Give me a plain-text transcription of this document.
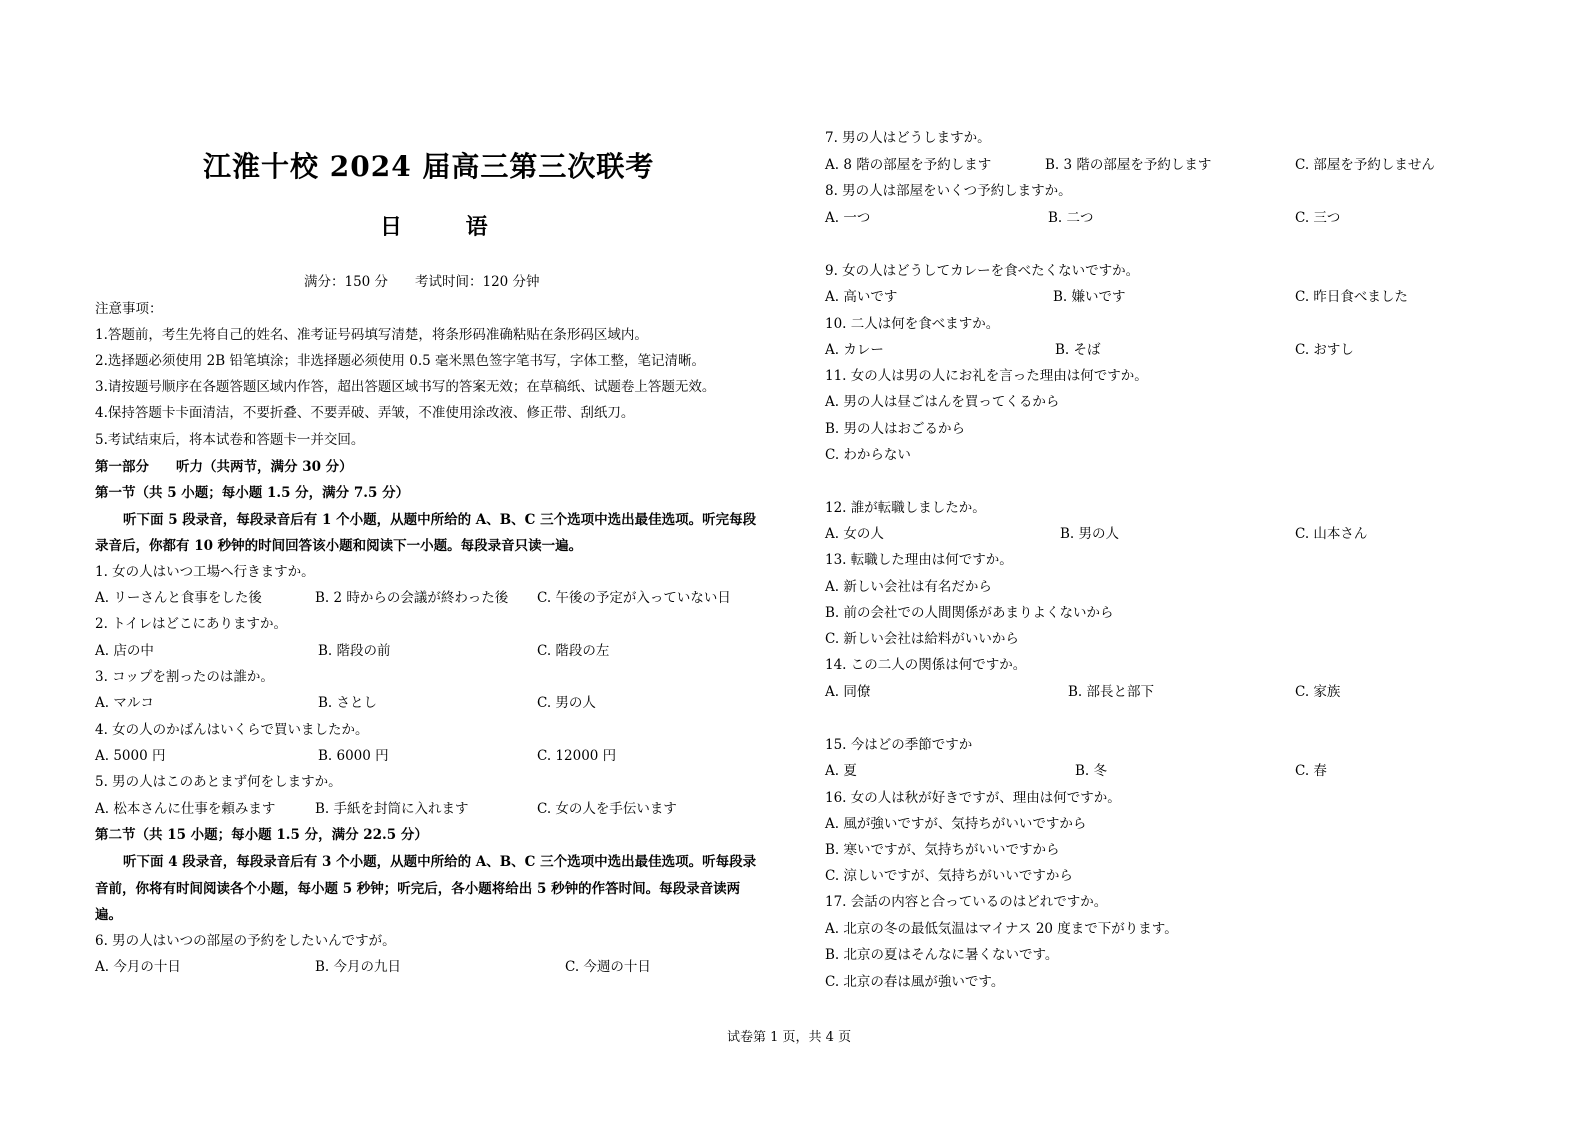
江淮十校 2024 届高三第三次联考
日 语
满分：150 分 考试时间：120 分钟
注意事项：
1.答题前，考生先将自己的姓名、准考证号码填写清楚，将条形码准确粘贴在条形码区域内。
2.选择题必须使用 2B 铅笔填涂；非选择题必须使用 0.5 毫米黑色签字笔书写，字体工整，笔记清晰。
3.请按题号顺序在各题答题区域内作答，超出答题区域书写的答案无效；在草稿纸、试题卷上答题无效。
4.保持答题卡卡面清洁，不要折叠、不要弄破、弄皱，不准使用涂改液、修正带、刮纸刀。
5.考试结束后，将本试卷和答题卡一并交回。
第一部分　　听力（共两节，满分 30 分）
第一节（共 5 小题；每小题 1.5 分，满分 7.5 分）
听下面 5 段录音，每段录音后有 1 个小题，从题中所给的 A、B、C 三个选项中选出最佳选项。听完每段
录音后，你都有 10 秒钟的时间回答该小题和阅读下一小题。每段录音只读一遍。
1. 女の人はいつ工場へ行きますか。
A. リーさんと食事をした後	B. 2 時からの会議が終わった後 C. 午後の予定が入っていない日
2. トイレはどこにありますか。
A. 店の中	B. 階段の前	C. 階段の左
3. コップを割ったのは誰か。
A. マルコ	B. さとし	C. 男の人
4. 女の人のかばんはいくらで買いましたか。
A. 5000 円	B. 6000 円	C. 12000 円
5. 男の人はこのあとまず何をしますか。
A. 松本さんに仕事を頼みます	B. 手紙を封筒に入れます	C. 女の人を手伝います
第二节（共 15 小题；每小题 1.5 分，满分 22.5 分）
听下面 4 段录音，每段录音后有 3 个小题，从题中所给的 A、B、C 三个选项中选出最佳选项。听每段录
音前，你将有时间阅读各个小题，每小题 5 秒钟；听完后，各小题将给出 5 秒钟的作答时间。每段录音读两
遍。
6. 男の人はいつの部屋の予約をしたいんですが。
A. 今月の十日	B. 今月の九日	C. 今週の十日
7. 男の人はどうしますか。
A. 8 階の部屋を予約します	B. 3 階の部屋を予約します	C. 部屋を予約しません
8. 男の人は部屋をいくつ予約しますか。
A. 一つ	B. 二つ	C. 三つ
9. 女の人はどうしてカレーを食べたくないですか。
A. 高いです	B. 嫌いです	C. 昨日食べました
10. 二人は何を食べますか。
A. カレー	B. そば	C. おすし
11. 女の人は男の人にお礼を言った理由は何ですか。
A. 男の人は昼ごはんを買ってくるから
B. 男の人はおごるから
C. わからない
12. 誰が転職しましたか。
A. 女の人	B. 男の人	C. 山本さん
13. 転職した理由は何ですか。
A. 新しい会社は有名だから
B. 前の会社での人間関係があまりよくないから
C. 新しい会社は給料がいいから
14. この二人の関係は何ですか。
A. 同僚	B. 部長と部下	C. 家族
15. 今はどの季節ですか
A. 夏	B. 冬	C. 春
16. 女の人は秋が好きですが、理由は何ですか。
A. 風が強いですが、気持ちがいいですから
B. 寒いですが、気持ちがいいですから
C. 涼しいですが、気持ちがいいですから
17. 会話の内容と合っているのはどれですか。
A. 北京の冬の最低気温はマイナス 20 度まで下がります。
B. 北京の夏はそんなに暑くないです。
C. 北京の春は風が強いです。
试卷第 1 页，共 4 页
